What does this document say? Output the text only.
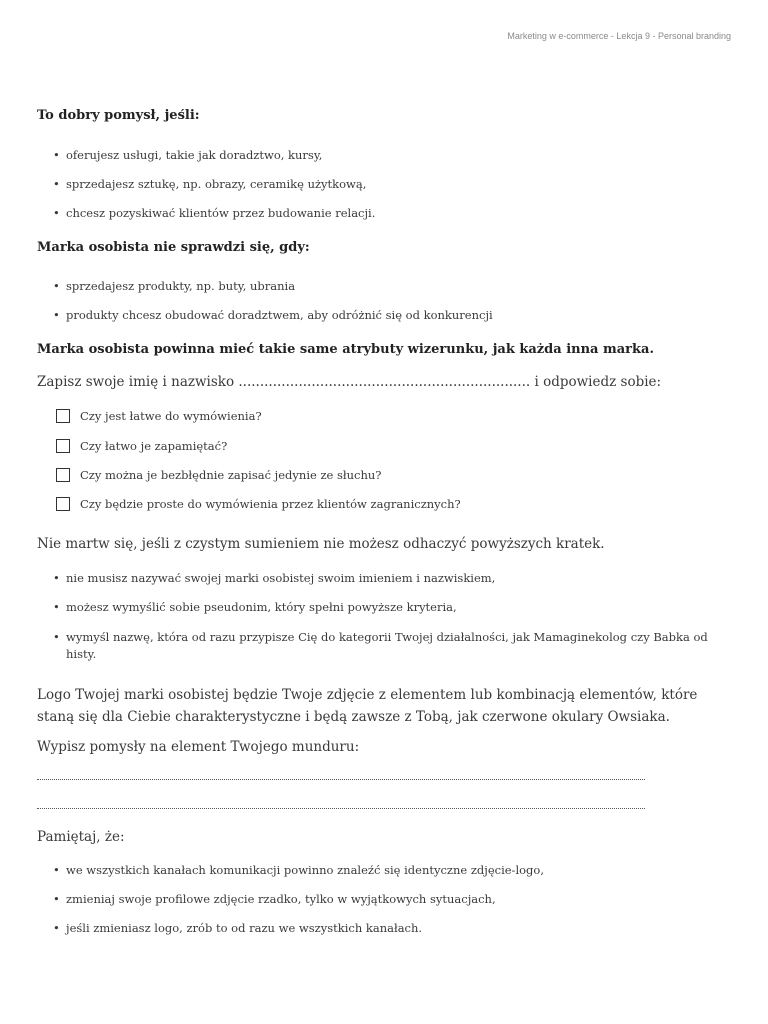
Marketing w e-commerce - Lekcja 9 - Personal branding
To dobry pomysł, jeśli:
• oferujesz usługi, takie jak doradztwo, kursy,
• sprzedajesz sztukę, np. obrazy, ceramikę użytkową,
• chcesz pozyskiwać klientów przez budowanie relacji.
Marka osobista nie sprawdzi się, gdy:
• sprzedajesz produkty, np. buty, ubrania
• produkty chcesz obudować doradztwem, aby odróżnić się od konkurencji
Marka osobista powinna mieć takie same atrybuty wizerunku, jak każda inna marka.
Zapisz swoje imię i nazwisko .................................................................... i odpowiedz sobie:
Czy jest łatwe do wymówienia?
Czy łatwo je zapamiętać?
Czy można je bezbłędnie zapisać jedynie ze słuchu?
Czy będzie proste do wymówienia przez klientów zagranicznych?
Nie martw się, jeśli z czystym sumieniem nie możesz odhaczyć powyższych kratek.
• nie musisz nazywać swojej marki osobistej swoim imieniem i nazwiskiem,
• możesz wymyślić sobie pseudonim, który spełni powyższe kryteria,
• wymyśl nazwę, która od razu przypisze Cię do kategorii Twojej działalności, jak Mamaginekolog czy Babka od histy.
Logo Twojej marki osobistej będzie Twoje zdjęcie z elementem lub kombinacją elementów, które staną się dla Ciebie charakterystyczne i będą zawsze z Tobą, jak czerwone okulary Owsiaka.
Wypisz pomysły na element Twojego munduru:
Pamiętaj, że:
• we wszystkich kanałach komunikacji powinno znaleźć się identyczne zdjęcie-logo,
• zmieniaj swoje profilowe zdjęcie rzadko, tylko w wyjątkowych sytuacjach,
• jeśli zmieniasz logo, zrób to od razu we wszystkich kanałach.
